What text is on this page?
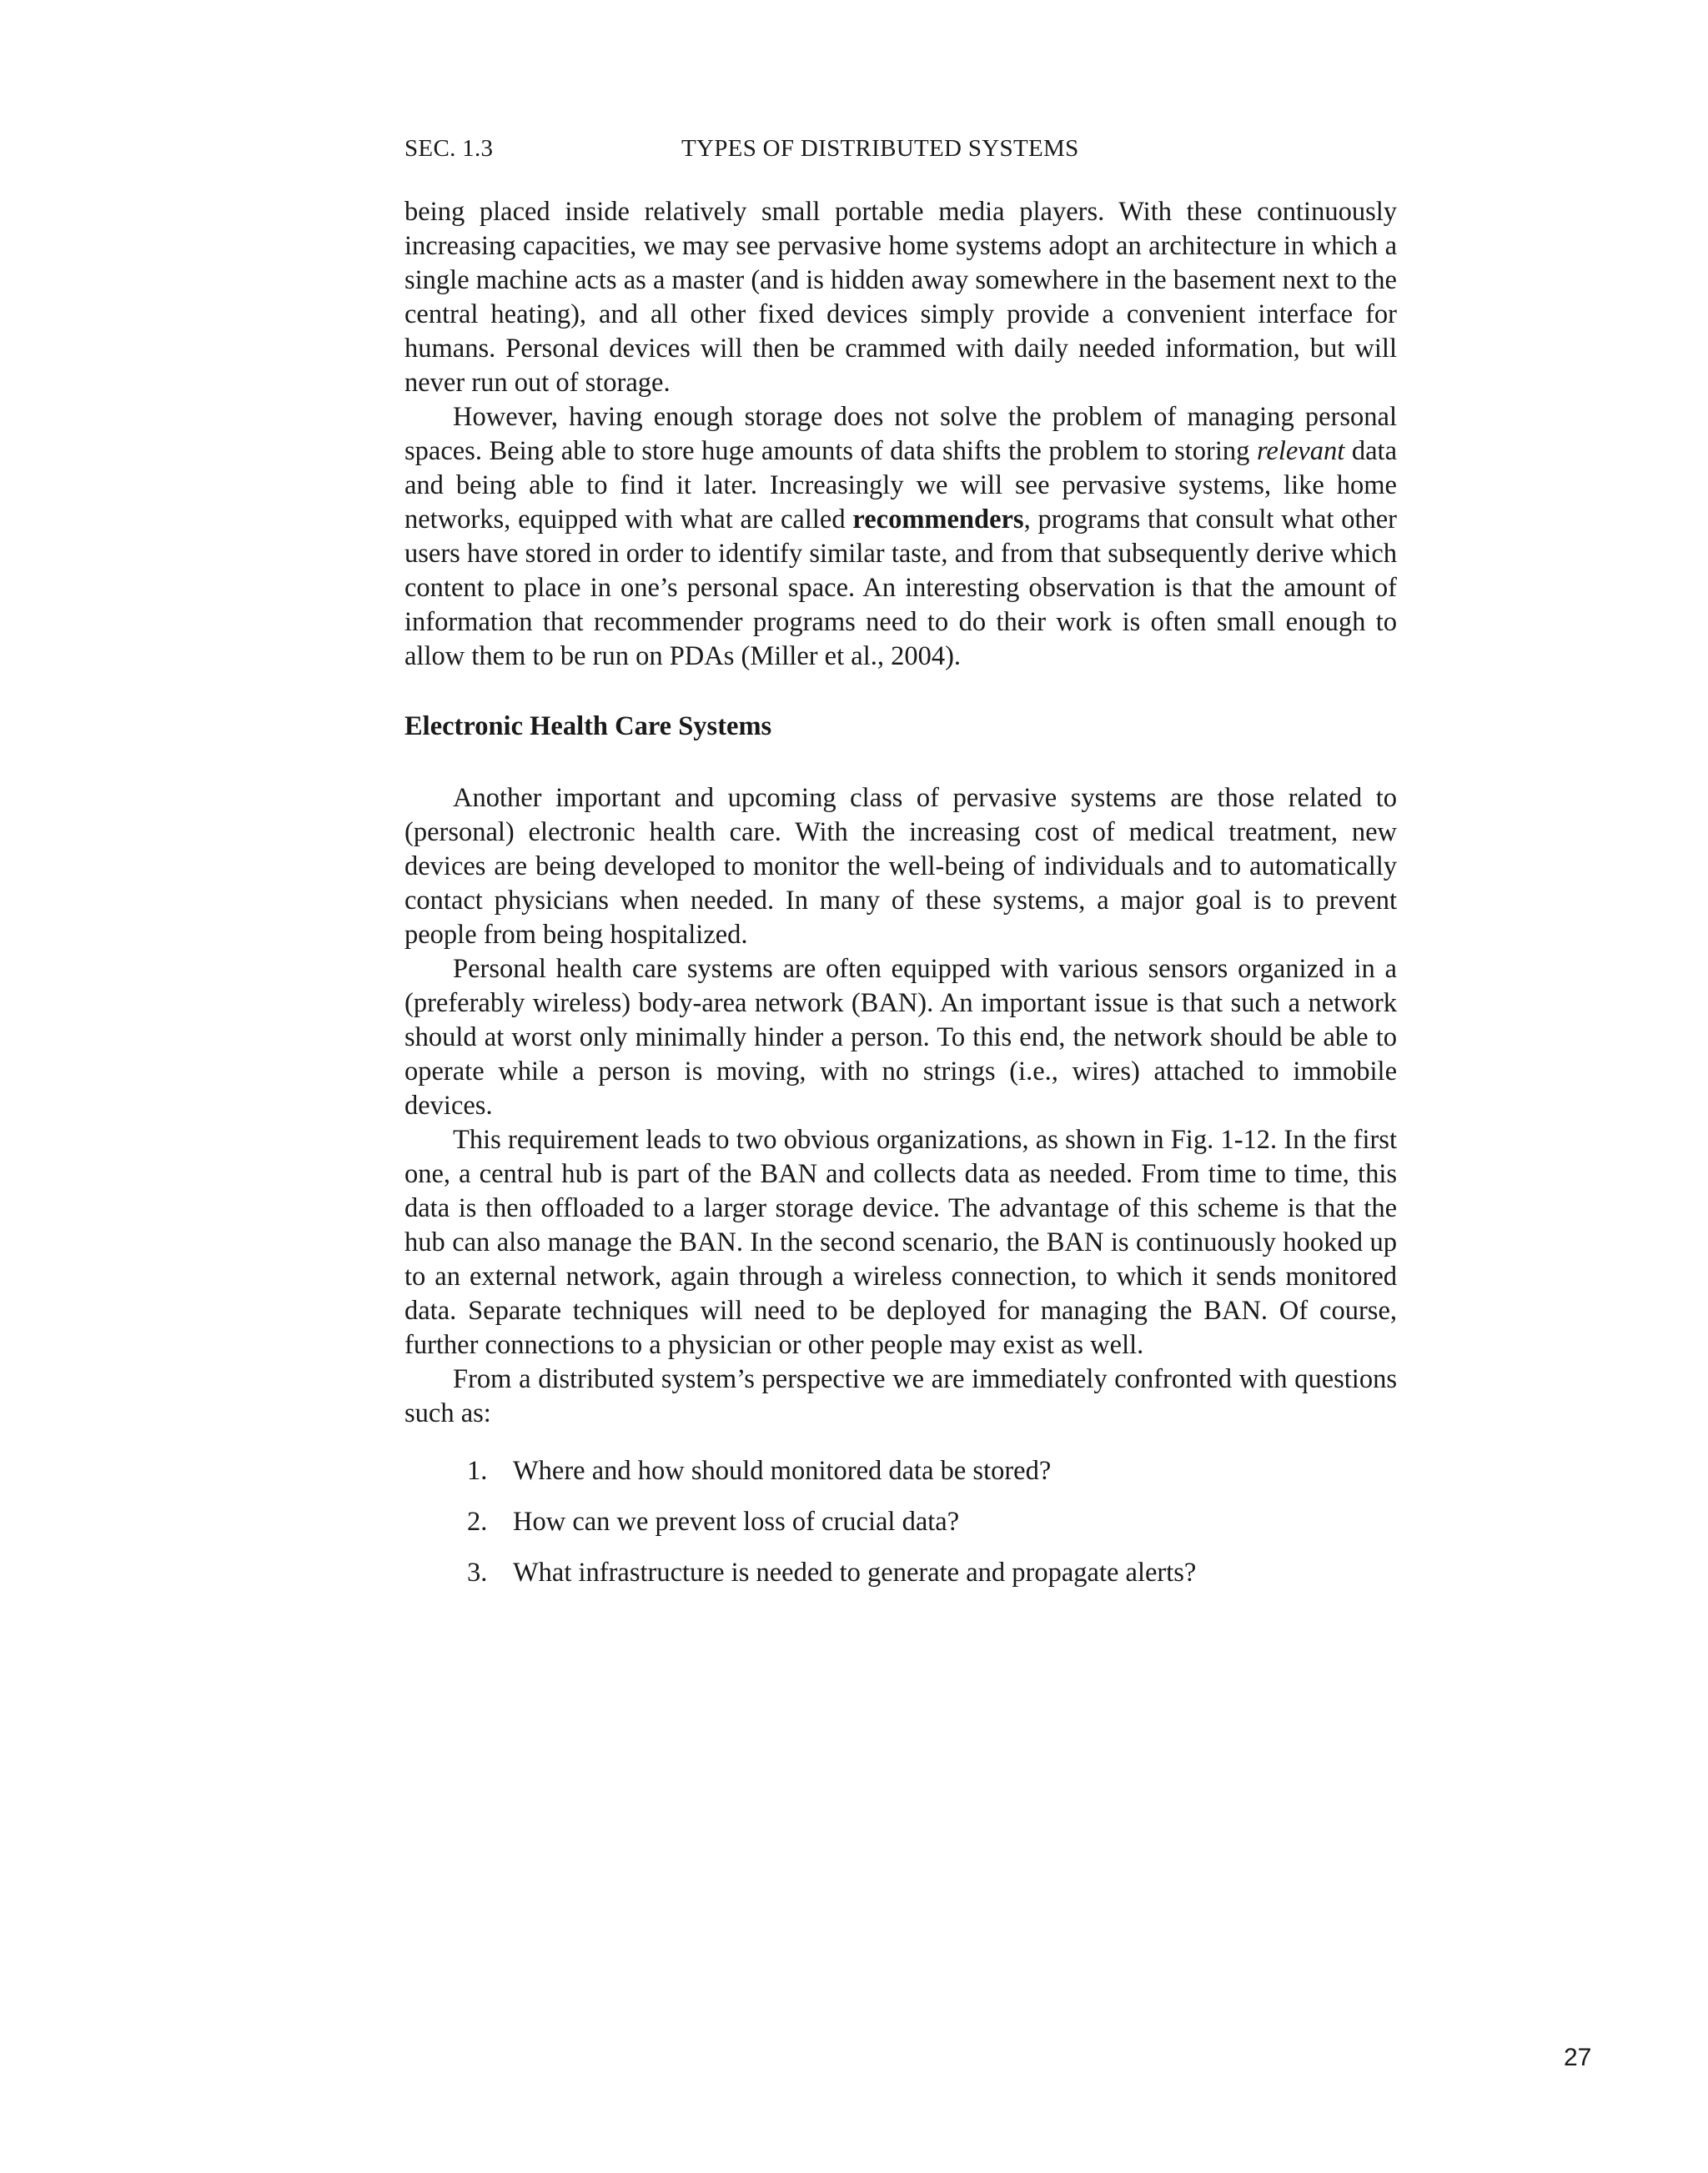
SEC. 1.3	TYPES OF DISTRIBUTED SYSTEMS

being placed inside relatively small portable media players. With these continuously increasing capacities, we may see pervasive home systems adopt an architecture in which a single machine acts as a master (and is hidden away somewhere in the basement next to the central heating), and all other fixed devices simply provide a convenient interface for humans. Personal devices will then be crammed with daily needed information, but will never run out of storage.

However, having enough storage does not solve the problem of managing personal spaces. Being able to store huge amounts of data shifts the problem to storing relevant data and being able to find it later. Increasingly we will see pervasive systems, like home networks, equipped with what are called recommenders, programs that consult what other users have stored in order to identify similar taste, and from that subsequently derive which content to place in one’s personal space. An interesting observation is that the amount of information that recommender programs need to do their work is often small enough to allow them to be run on PDAs (Miller et al., 2004).

Electronic Health Care Systems

Another important and upcoming class of pervasive systems are those related to (personal) electronic health care. With the increasing cost of medical treatment, new devices are being developed to monitor the well-being of individuals and to automatically contact physicians when needed. In many of these systems, a major goal is to prevent people from being hospitalized.

Personal health care systems are often equipped with various sensors organized in a (preferably wireless) body-area network (BAN). An important issue is that such a network should at worst only minimally hinder a person. To this end, the network should be able to operate while a person is moving, with no strings (i.e., wires) attached to immobile devices.

This requirement leads to two obvious organizations, as shown in Fig. 1-12. In the first one, a central hub is part of the BAN and collects data as needed. From time to time, this data is then offloaded to a larger storage device. The advantage of this scheme is that the hub can also manage the BAN. In the second scenario, the BAN is continuously hooked up to an external network, again through a wireless connection, to which it sends monitored data. Separate techniques will need to be deployed for managing the BAN. Of course, further connections to a physician or other people may exist as well.

From a distributed system’s perspective we are immediately confronted with questions such as:

1. Where and how should monitored data be stored?
2. How can we prevent loss of crucial data?
3. What infrastructure is needed to generate and propagate alerts?
27
